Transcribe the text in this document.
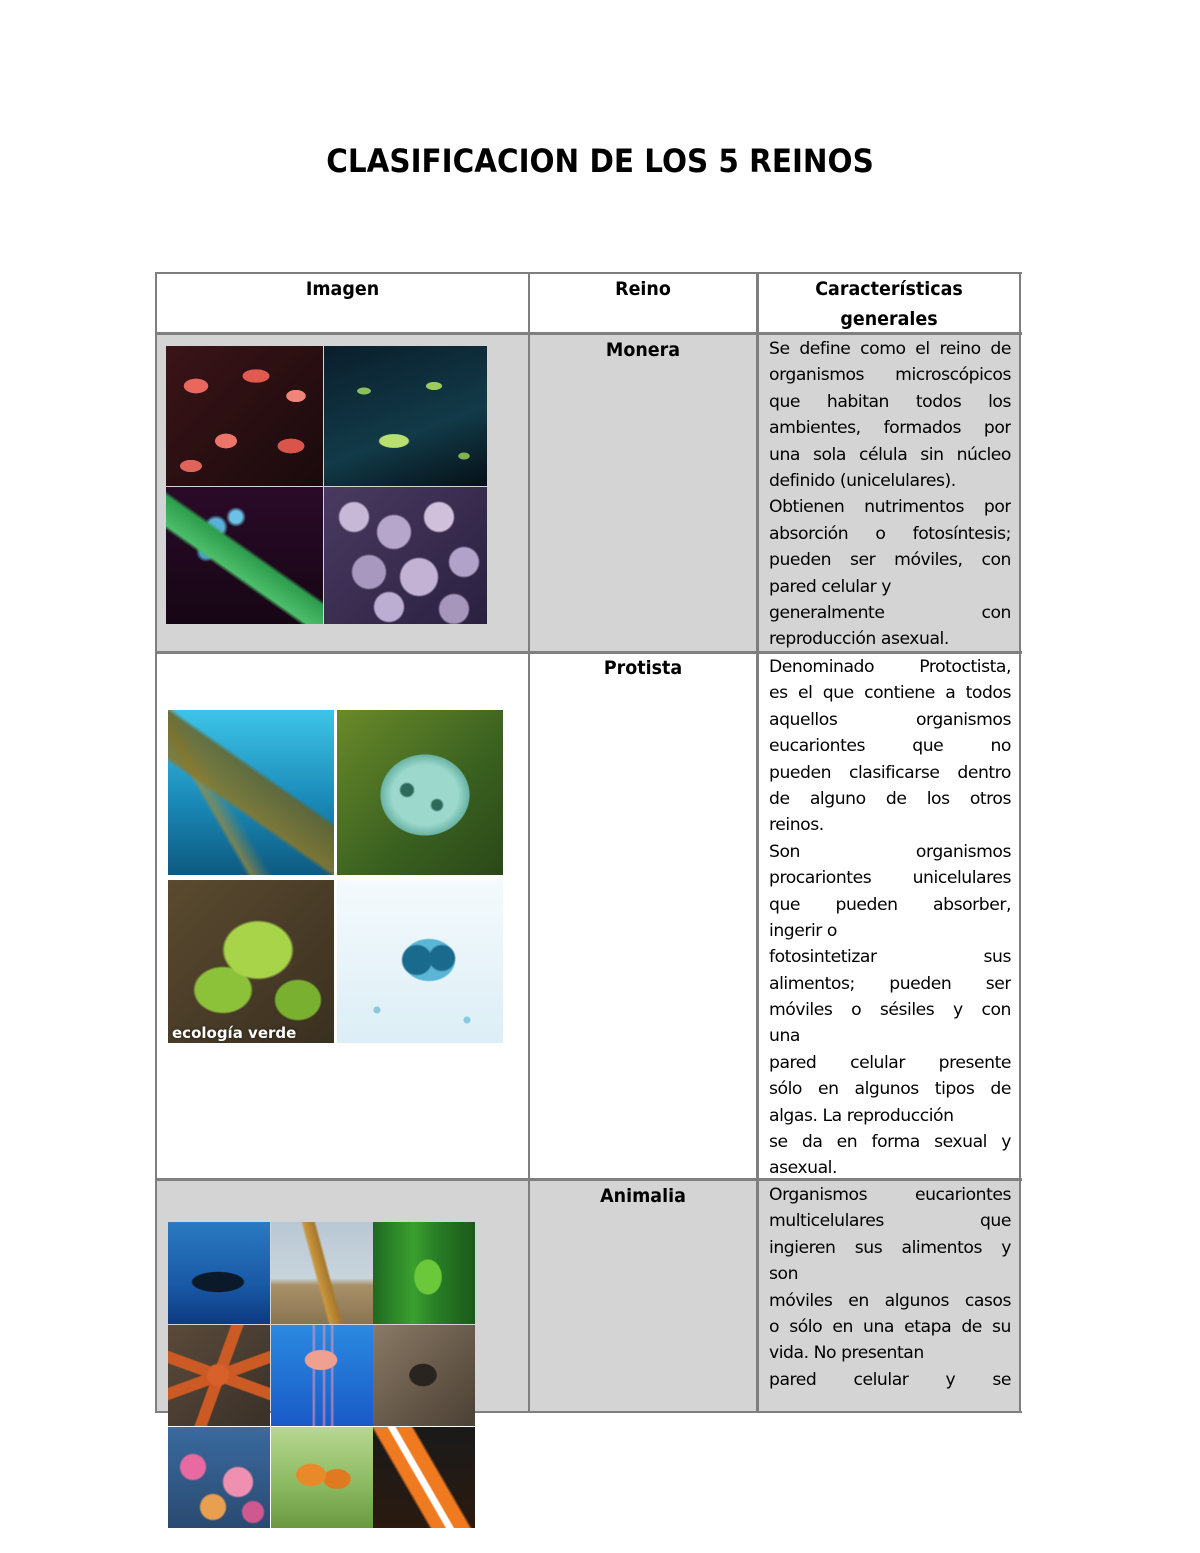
CLASIFICACION DE LOS 5 REINOS
Imagen	Reino	Características
generales
Monera	Se define como el reino de
organismos microscópicos
que habitan todos los
ambientes, formados por
una sola célula sin núcleo
definido (unicelulares).
Obtienen nutrimentos por
absorción o fotosíntesis;
pueden ser móviles, con
pared celular y
generalmente con
reproducción asexual.
ecología verde
Protista	Denominado Protoctista,
es el que contiene a todos
aquellos organismos
eucariontes que no
pueden clasificarse dentro
de alguno de los otros
reinos.
Son organismos
procariontes unicelulares
que pueden absorber,
ingerir o
fotosintetizar sus
alimentos; pueden ser
móviles o sésiles y con
una
pared celular presente
sólo en algunos tipos de
algas. La reproducción
se da en forma sexual y
asexual.
Animalia	Organismos eucariontes
multicelulares que
ingieren sus alimentos y
son
móviles en algunos casos
o sólo en una etapa de su
vida. No presentan
pared celular y se
